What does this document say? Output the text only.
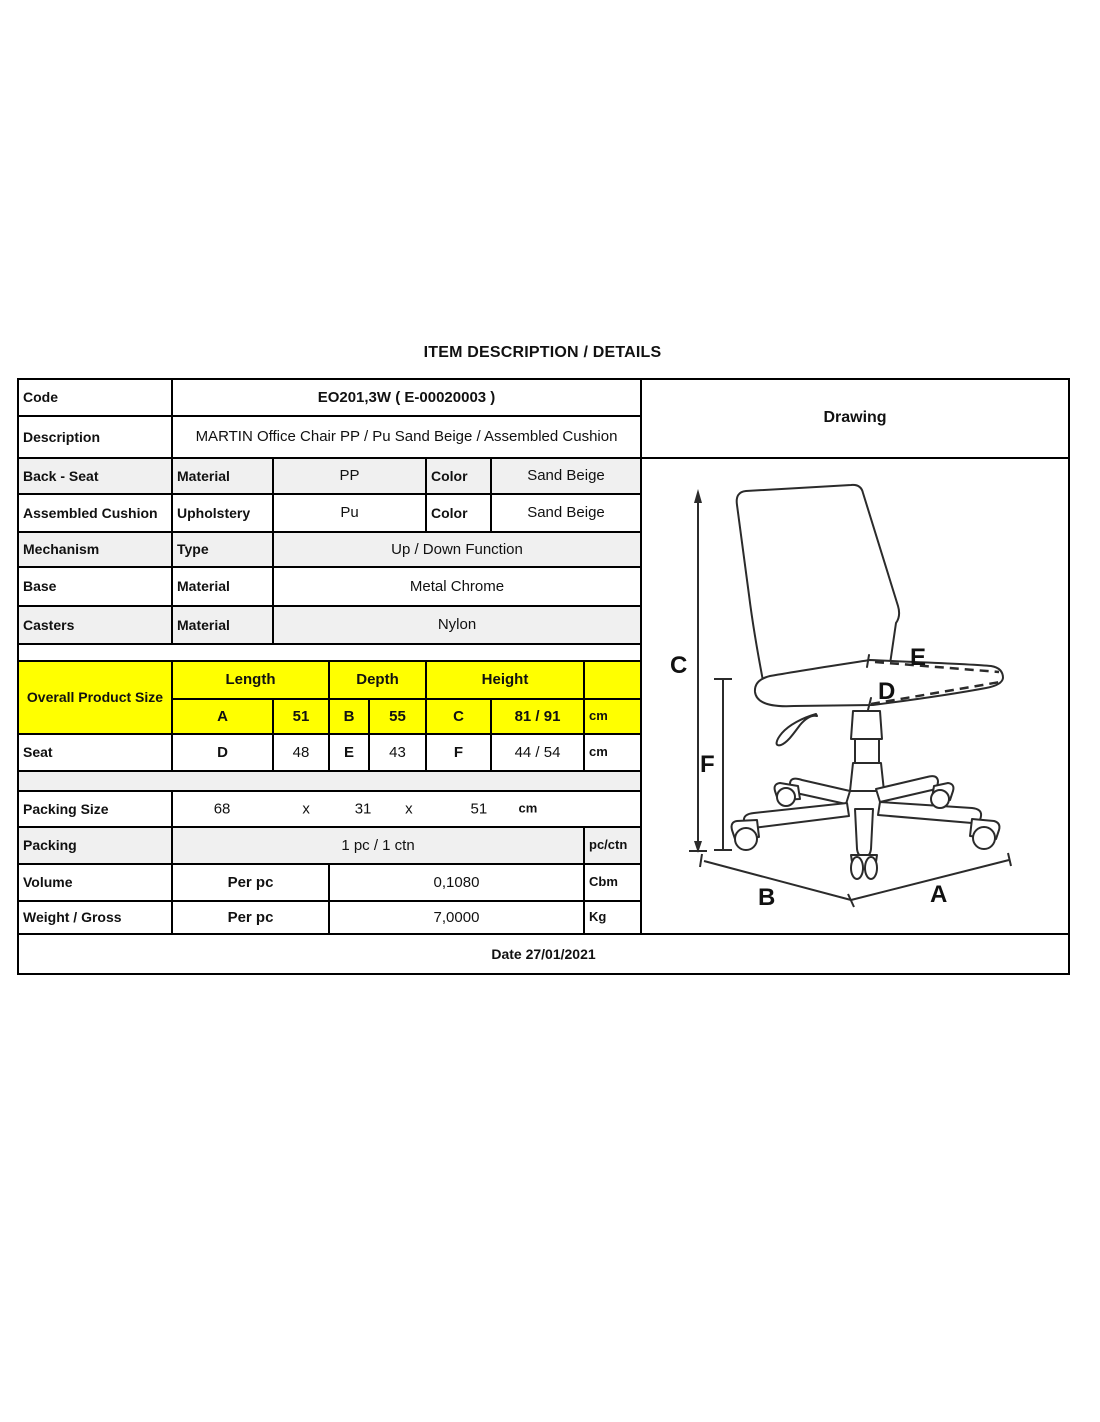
ITEM DESCRIPTION / DETAILS
Code	EO201,3W ( E-00020003 )
Drawing
Description	MARTIN Office Chair PP / Pu Sand Beige / Assembled Cushion
Back - Seat	Material	PP	Color	Sand Beige
Assembled Cushion	Upholstery	Pu	Color	Sand Beige
Mechanism	Type	Up / Down Function
Base	Material	Metal Chrome
Casters	Material	Nylon
Overall Product Size
Length	Depth	Height
A	51	B	55	C	81 / 91	cm
Seat	D	48	E	43	F	44 / 54	cm
Packing Size	68	x	31 x	51 cm
Packing	1 pc / 1 ctn	pc/ctn
Volume	Per pc	0,1080	Cbm
Weight / Gross	Per pc	7,0000	Kg
Date 27/01/2021
C
F
E
D
B	A
